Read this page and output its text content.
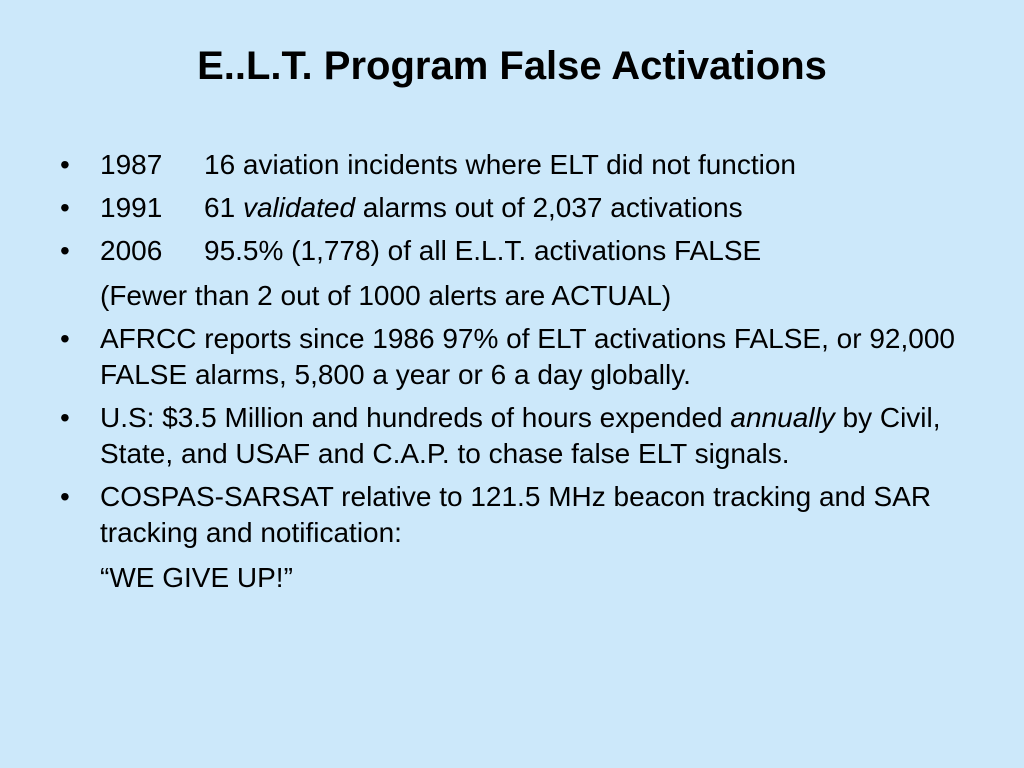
E..L.T. Program False Activations
•	1987 16 aviation incidents where ELT did not function
•	1991 61 validated alarms out of 2,037 activations
•	2006 95.5% (1,778) of all E.L.T. activations FALSE
(Fewer than 2 out of 1000 alerts are ACTUAL)
•	AFRCC reports since 1986 97% of ELT activations FALSE, or 92,000 FALSE alarms, 5,800 a year or 6 a day globally.
•	U.S: $3.5 Million and hundreds of hours expended annually by Civil, State, and USAF and C.A.P. to chase false ELT signals.
•	COSPAS-SARSAT relative to 121.5 MHz beacon tracking and SAR tracking and notification:
“WE GIVE UP!”
